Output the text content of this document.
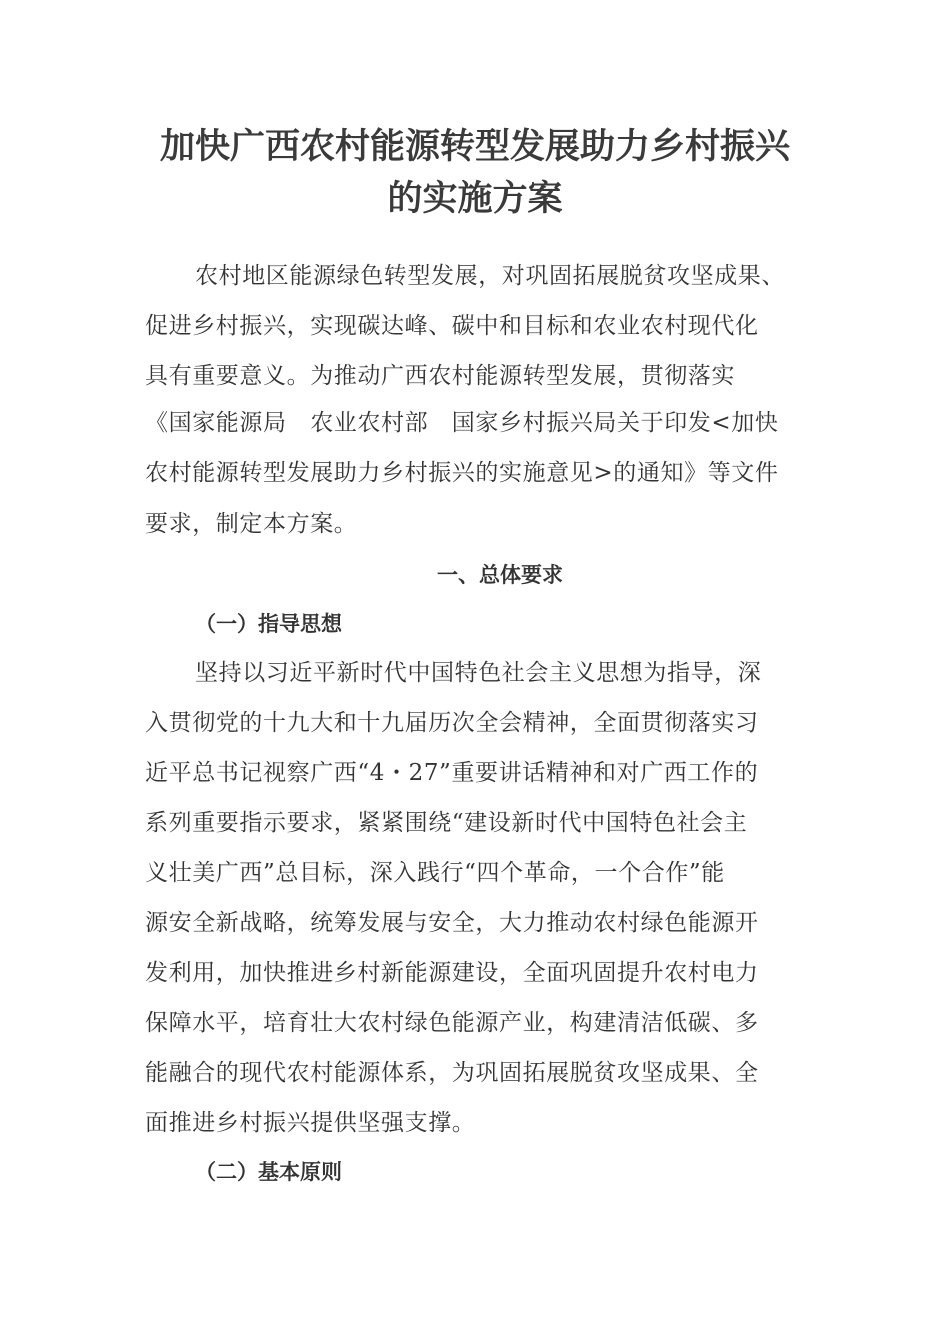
加快广西农村能源转型发展助力乡村振兴
的实施方案
农村地区能源绿色转型发展，对巩固拓展脱贫攻坚成果、
促进乡村振兴，实现碳达峰、碳中和目标和农业农村现代化
具有重要意义。为推动广西农村能源转型发展，贯彻落实
《国家能源局　农业农村部　国家乡村振兴局关于印发<加快
农村能源转型发展助力乡村振兴的实施意见>的通知》等文件
要求，制定本方案。
一、总体要求
（一）指导思想
坚持以习近平新时代中国特色社会主义思想为指导，深
入贯彻党的十九大和十九届历次全会精神，全面贯彻落实习
近平总书记视察广西“4・27”重要讲话精神和对广西工作的
系列重要指示要求，紧紧围绕“建设新时代中国特色社会主
义壮美广西”总目标，深入践行“四个革命，一个合作”能
源安全新战略，统筹发展与安全，大力推动农村绿色能源开
发利用，加快推进乡村新能源建设，全面巩固提升农村电力
保障水平，培育壮大农村绿色能源产业，构建清洁低碳、多
能融合的现代农村能源体系，为巩固拓展脱贫攻坚成果、全
面推进乡村振兴提供坚强支撑。
（二）基本原则
